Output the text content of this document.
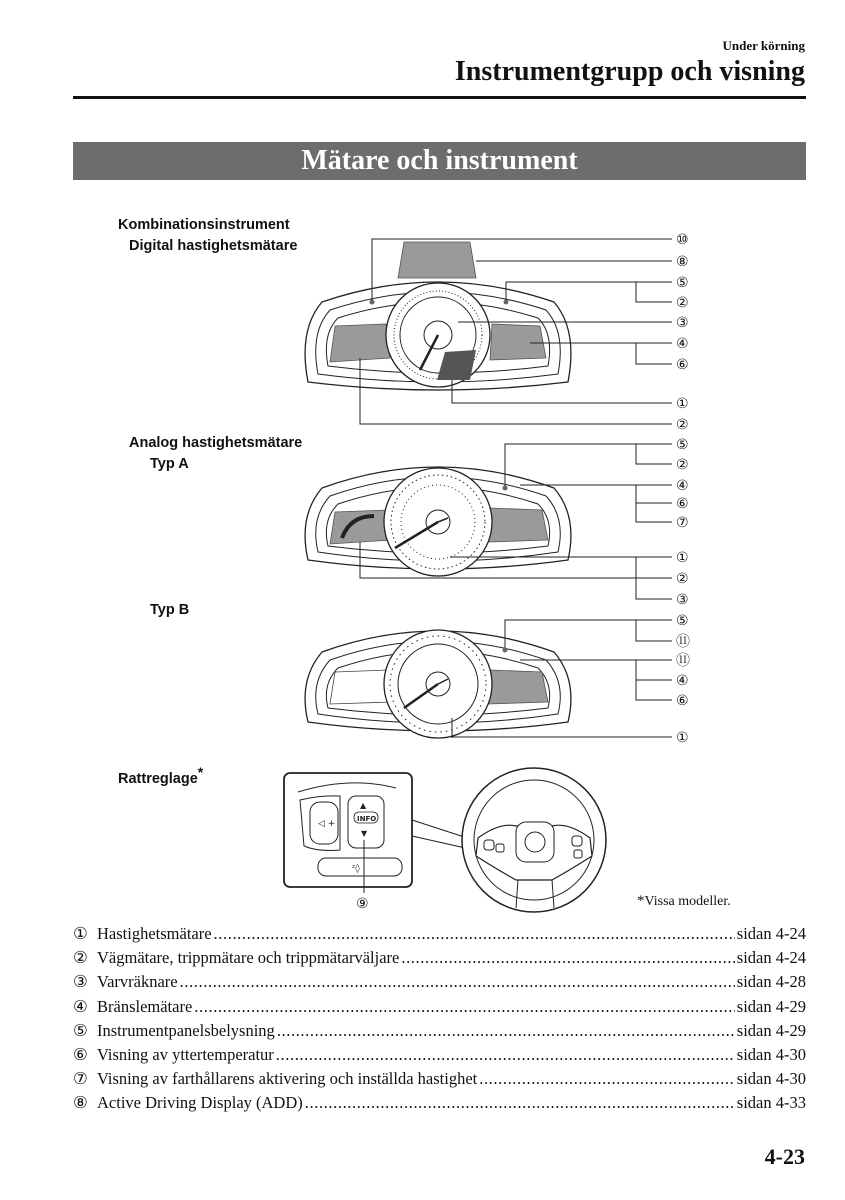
Under körning
Instrumentgrupp och visning
Mätare och instrument
Kombinationsinstrument
Digital hastighetsmätare
Analog hastighetsmätare
Typ A
Typ B
Rattreglage*
*Vissa modeller.
⑩
⑧
⑤
②
③
④
⑥
①
②
⑤
②
④
⑥
⑦
①
②
③
⑤
⑪
⑪
④
⑥
①
◁ +
▲
INFO
▼
ᶻ◊
⑨
① Hastighetsmätare .....	sidan 4-24
② Vägmätare, trippmätare och trippmätarväljare .....	sidan 4-24
③ Varvräknare .....	sidan 4-28
④ Bränslemätare .....	sidan 4-29
⑤ Instrumentpanelsbelysning .....	sidan 4-29
⑥ Visning av yttertemperatur .....	sidan 4-30
⑦ Visning av farthållarens aktivering och inställda hastighet .....	sidan 4-30
⑧ Active Driving Display (ADD) .....	sidan 4-33
4-23
